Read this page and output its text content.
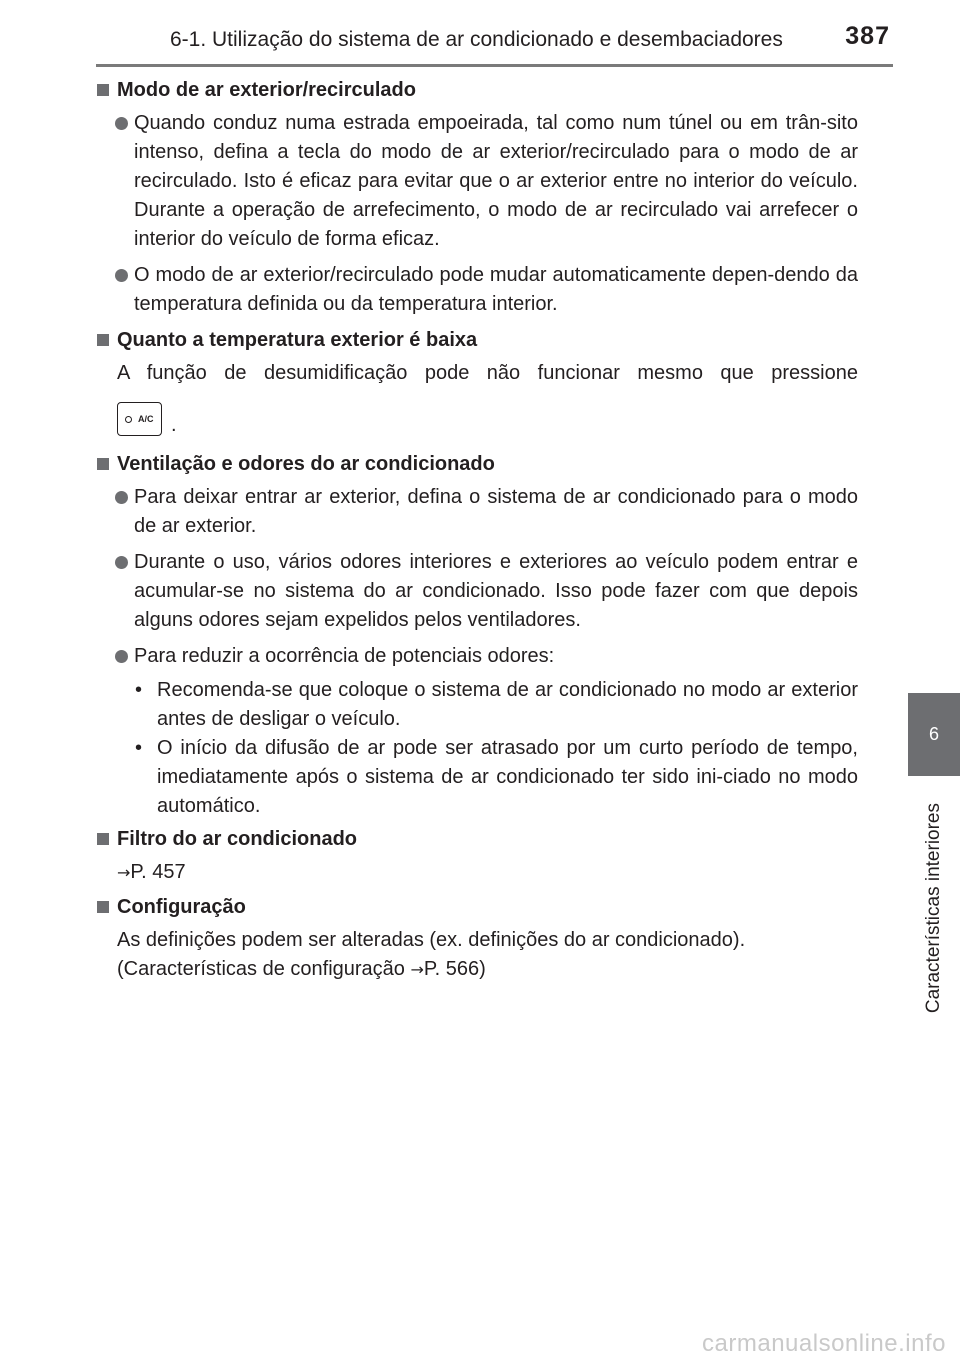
6-1. Utilização do sistema de ar condicionado e desembaciadores 387
6
Características interiores
Modo de ar exterior/recirculado
Quando conduz numa estrada empoeirada, tal como num túnel ou em trân-sito intenso, defina a tecla do modo de ar exterior/recirculado para o modo de ar recirculado. Isto é eficaz para evitar que o ar exterior entre no interior do veículo. Durante a operação de arrefecimento, o modo de ar recirculado vai arrefecer o interior do veículo de forma eficaz.
O modo de ar exterior/recirculado pode mudar automaticamente depen-dendo da temperatura definida ou da temperatura interior.
Quanto a temperatura exterior é baixa
A função de desumidificação pode não funcionar mesmo que pressione
A/C .
Ventilação e odores do ar condicionado
Para deixar entrar ar exterior, defina o sistema de ar condicionado para o modo de ar exterior.
Durante o uso, vários odores interiores e exteriores ao veículo podem entrar e acumular-se no sistema do ar condicionado. Isso pode fazer com que depois alguns odores sejam expelidos pelos ventiladores.
Para reduzir a ocorrência de potenciais odores:
• Recomenda-se que coloque o sistema de ar condicionado no modo ar exterior antes de desligar o veículo.
• O início da difusão de ar pode ser atrasado por um curto período de tempo, imediatamente após o sistema de ar condicionado ter sido ini-ciado no modo automático.
Filtro do ar condicionado
→P. 457
Configuração
As definições podem ser alteradas (ex. definições do ar condicionado).
(Características de configuração →P. 566)
carmanualsonline.info
